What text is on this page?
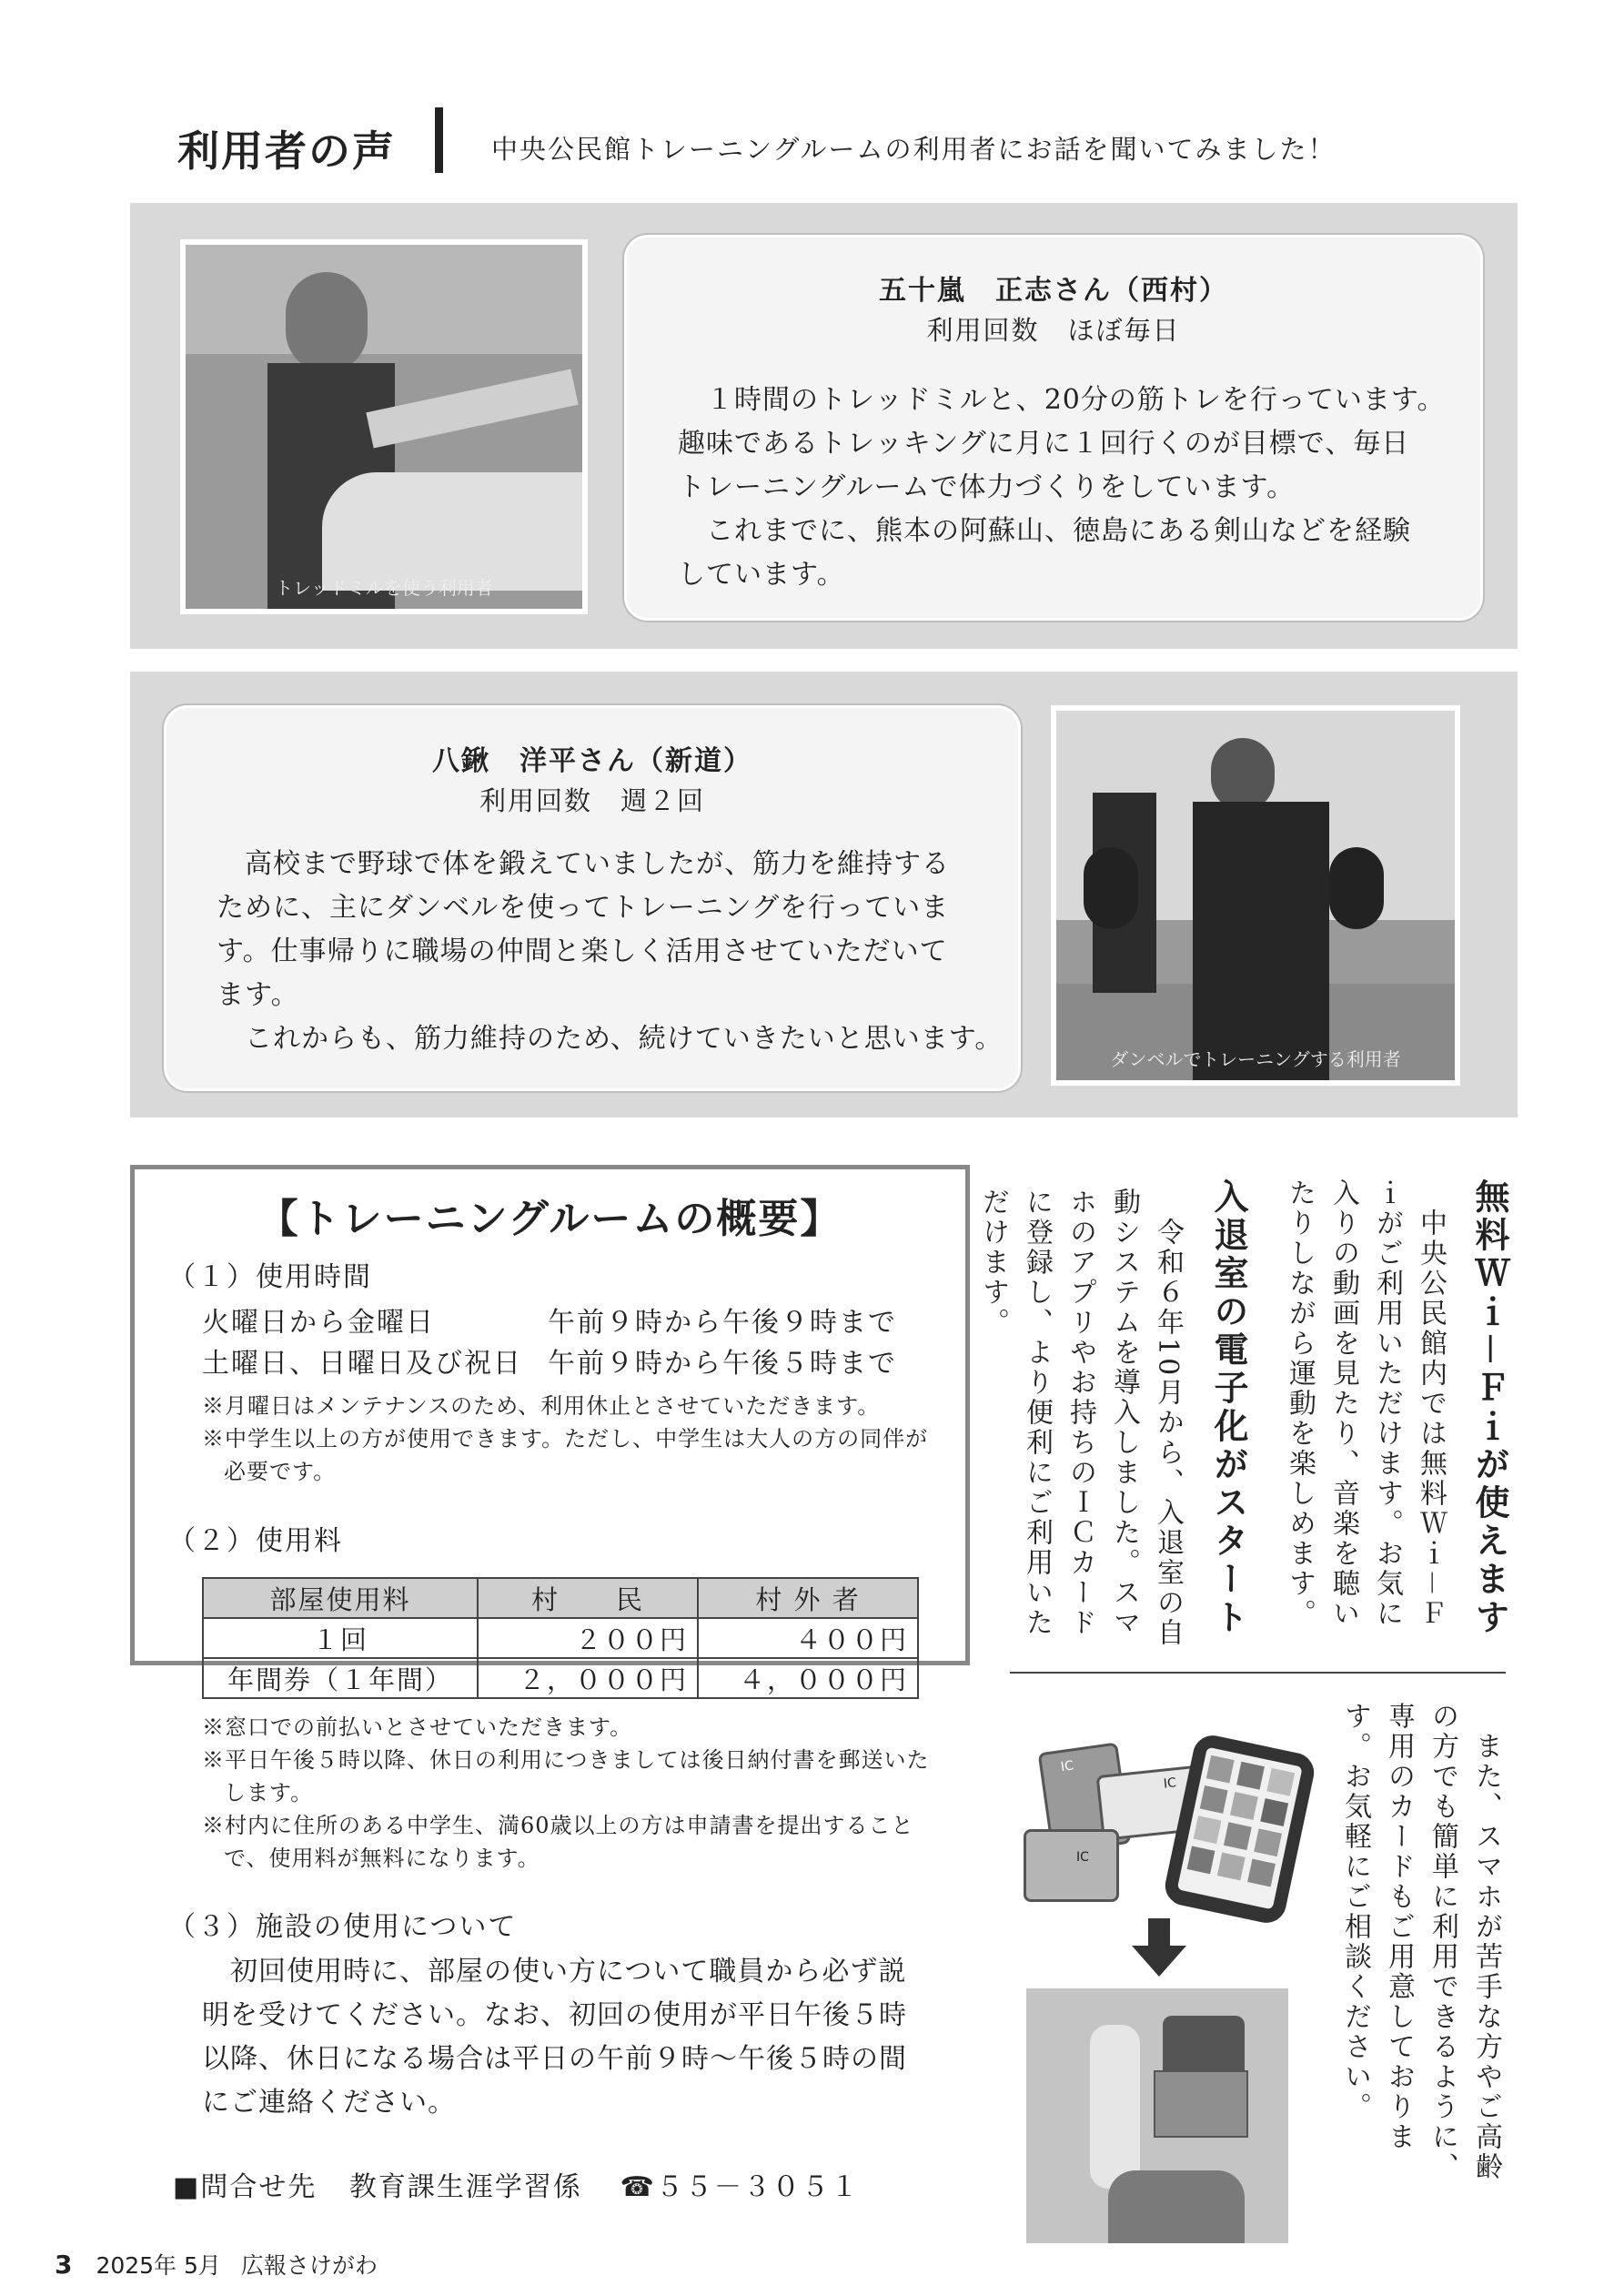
利用者の声	中央公民館トレーニングルームの利用者にお話を聞いてみました！
トレッドミルを使う利用者
五十嵐　正志さん（西村）
利用回数　ほぼ毎日

　１時間のトレッドミルと、20分の筋トレを行っています。

趣味であるトレッキングに月に１回行くのが目標で、毎日

トレーニングルームで体力づくりをしています。

　これまでに、熊本の阿蘇山、徳島にある剣山などを経験

しています。

八鍬　洋平さん（新道）
利用回数　週２回

　高校まで野球で体を鍛えていましたが、筋力を維持する

ために、主にダンベルを使ってトレーニングを行っていま

す。仕事帰りに職場の仲間と楽しく活用させていただいて

ます。

　これからも、筋力維持のため、続けていきたいと思います。

ダンベルでトレーニングする利用者
【トレーニングルームの概要】
（１）使用時間
火曜日から金曜日	午前９時から午後９時まで
土曜日、日曜日及び祝日 午前９時から午後５時まで
※月曜日はメンテナンスのため、利用休止とさせていただきます。
※中学生以上の方が使用できます。ただし、中学生は大人の方の同伴が必要です。
（２）使用料
部屋使用料	村　　民	村 外 者
１回	２００円	４００円
年間券（１年間）	２，０００円	４，０００円
※窓口での前払いとさせていただきます。
※平日午後５時以降、休日の利用につきましては後日納付書を郵送いたします。
※村内に住所のある中学生、満60歳以上の方は申請書を提出することで、使用料が無料になります。
（３）施設の使用について

　初回使用時に、部屋の使い方について職員から必ず説

明を受けてください。なお、初回の使用が平日午後５時

以降、休日になる場合は平日の午前９時～午後５時の間

にご連絡ください。

■問合せ先 教育課生涯学習係 ☎５５－３０５１
無料Ｗｉ－Ｆｉが使えます
　中央公民館内では無料Ｗｉ－Ｆｉがご利用いただけます。お気に入りの動画を見たり、音楽を聴いたりしながら運動を楽しめます。
入退室の電子化がスタート
　令和６年10月から、入退室の自動システムを導入しました。スマホのアプリやお持ちのＩＣカードに登録し、より便利にご利用いただけます。
　また、スマホが苦手な方やご高齢の方でも簡単に利用できるように、専用のカードもご用意しております。お気軽にご相談ください。
IC
IC
IC
3 2025年 5月 広報さけがわ
